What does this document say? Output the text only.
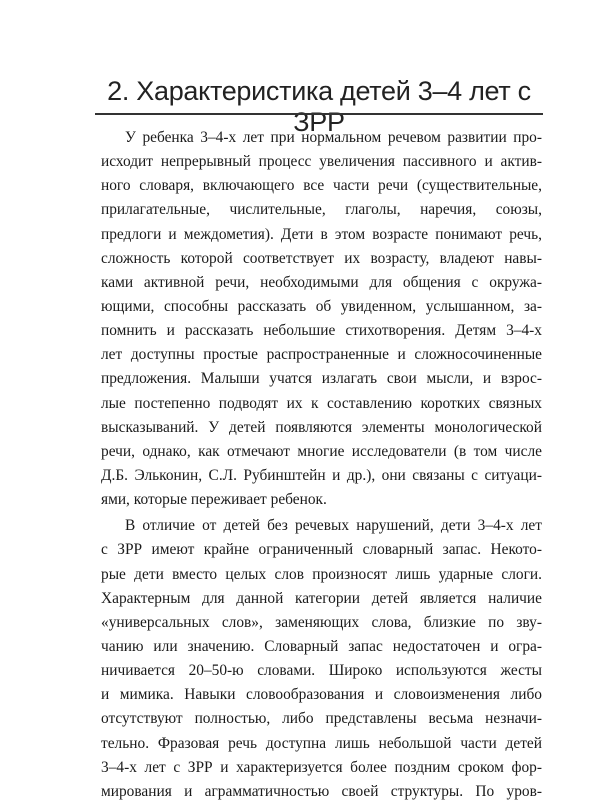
2. Характеристика детей 3–4 лет с ЗРР
У ребенка 3–4-х лет при нормальном речевом развитии про-
исходит непрерывный процесс увеличения пассивного и актив-
ного словаря, включающего все части речи (существительные,
прилагательные, числительные, глаголы, наречия, союзы,
предлоги и междометия). Дети в этом возрасте понимают речь,
сложность которой соответствует их возрасту, владеют навы-
ками активной речи, необходимыми для общения с окружа-
ющими, способны рассказать об увиденном, услышанном, за-
помнить и рассказать небольшие стихотворения. Детям 3–4-х
лет доступны простые распространенные и сложносочиненные
предложения. Малыши учатся излагать свои мысли, и взрос-
лые постепенно подводят их к составлению коротких связных
высказываний. У детей появляются элементы монологической
речи, однако, как отмечают многие исследователи (в том числе
Д.Б. Эльконин, С.Л. Рубинштейн и др.), они связаны с ситуаци-
ями, которые переживает ребенок.
В отличие от детей без речевых нарушений, дети 3–4-х лет
с ЗРР имеют крайне ограниченный словарный запас. Некото-
рые дети вместо целых слов произносят лишь ударные слоги.
Характерным для данной категории детей является наличие
«универсальных слов», заменяющих слова, близкие по зву-
чанию или значению. Словарный запас недостаточен и огра-
ничивается 20–50-ю словами. Широко используются жесты
и мимика. Навыки словообразования и словоизменения либо
отсутствуют полностью, либо представлены весьма незначи-
тельно. Фразовая речь доступна лишь небольшой части детей
3–4-х лет с ЗРР и характеризуется более поздним сроком фор-
мирования и аграмматичностью своей структуры. По уров-
